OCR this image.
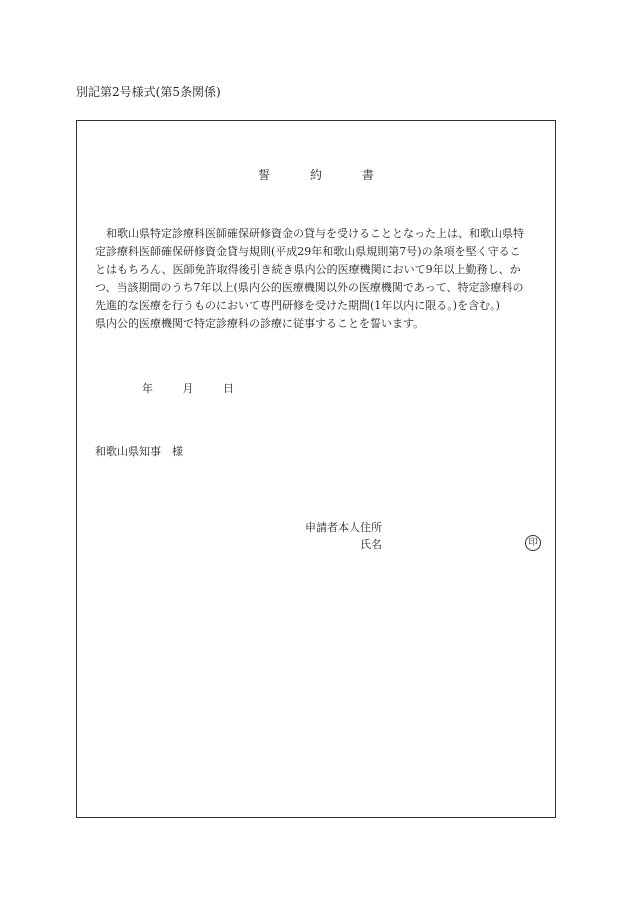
別記第2号様式(第5条関係)
誓	約	書

　和歌山県特定診療科医師確保研修資金の貸与を受けることとなった上は、和歌山県特

定診療科医師確保研修資金貸与規則(平成29年和歌山県規則第7号)の条項を堅く守るこ

とはもちろん、医師免許取得後引き続き県内公的医療機関において9年以上勤務し、か

つ、当該期間のうち7年以上(県内公的医療機関以外の医療機関であって、特定診療科の

先進的な医療を行うものにおいて専門研修を受けた期間(1年以内に限る。)を含む。)

県内公的医療機関で特定診療科の診療に従事することを誓います。

年	月	日
和歌山県知事　様
申請者本人住所
氏名	印
